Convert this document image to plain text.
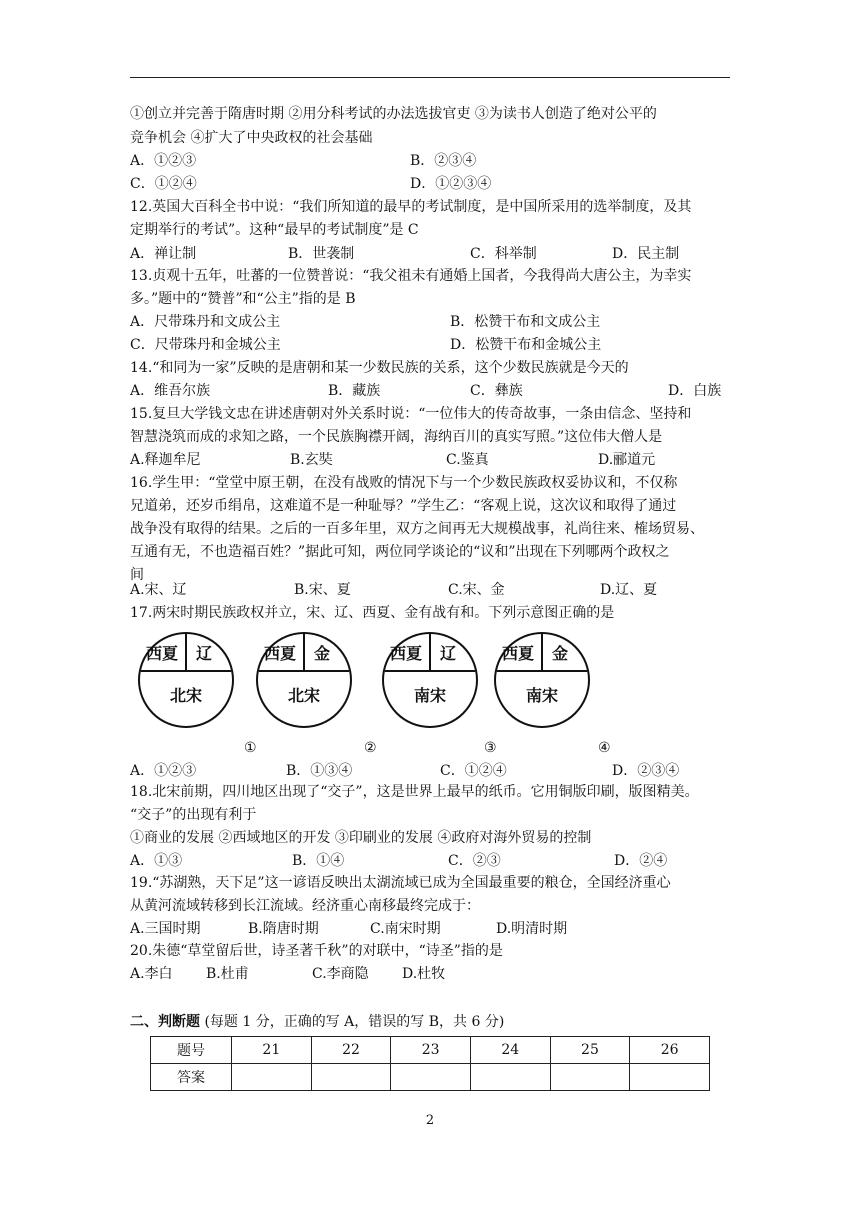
①创立并完善于隋唐时期 ②用分科考试的办法选拔官吏 ③为读书人创造了绝对公平的
竞争机会 ④扩大了中央政权的社会基础
A．①②③	B．②③④
C．①②④	D．①②③④
12.英国大百科全书中说：“我们所知道的最早的考试制度，是中国所采用的选举制度，及其
定期举行的考试”。这种“最早的考试制度”是 C
A．禅让制	B．世袭制	C．科举制	D．民主制
13.贞观十五年，吐蕃的一位赞普说：“我父祖未有通婚上国者，今我得尚大唐公主，为幸实
多。”题中的“赞普”和“公主”指的是 B
A．尺带珠丹和文成公主	B．松赞干布和文成公主
C．尺带珠丹和金城公主	D．松赞干布和金城公主
14.“和同为一家”反映的是唐朝和某一少数民族的关系，这个少数民族就是今天的
A．维吾尔族	B．藏族	C．彝族	D．白族
15.复旦大学钱文忠在讲述唐朝对外关系时说：“一位伟大的传奇故事，一条由信念、坚持和
智慧浇筑而成的求知之路，一个民族胸襟开阔，海纳百川的真实写照。”这位伟大僧人是
A.释迦牟尼	B.玄奘	C.鉴真	D.郦道元
16.学生甲：“堂堂中原王朝，在没有战败的情况下与一个少数民族政权妥协议和，不仅称
兄道弟，还岁币绢帛，这难道不是一种耻辱？”学生乙：“客观上说，这次议和取得了通过
战争没有取得的结果。之后的一百多年里，双方之间再无大规模战事，礼尚往来、榷场贸易、
互通有无，不也造福百姓？”据此可知，两位同学谈论的“议和”出现在下列哪两个政权之
间
A.宋、辽	B.宋、夏	C.宋、金	D.辽、夏
17.两宋时期民族政权并立，宋、辽、西夏、金有战有和。下列示意图正确的是
西夏 辽
北宋
西夏 金
北宋
西夏 辽
南宋
西夏 金
南宋
①	②	③	④
A．①②③	B．①③④	C．①②④	D．②③④
18.北宋前期，四川地区出现了“交子”，这是世界上最早的纸币。它用铜版印刷，版图精美。
“交子”的出现有利于
①商业的发展 ②西域地区的开发 ③印刷业的发展 ④政府对海外贸易的控制
A．①③	B．①④	C．②③	D．②④
19.“苏湖熟，天下足”这一谚语反映出太湖流域已成为全国最重要的粮仓，全国经济重心
从黄河流域转移到长江流域。经济重心南移最终完成于：
A.三国时期	B.隋唐时期	C.南宋时期	D.明清时期
20.朱德“草堂留后世，诗圣著千秋”的对联中，“诗圣”指的是
A.李白 B.杜甫	C.李商隐 D.杜牧
二、判断题 (每题 1 分，正确的写 A，错误的写 B，共 6 分)
题号	21	22	23	24	25	26
答案						
2
